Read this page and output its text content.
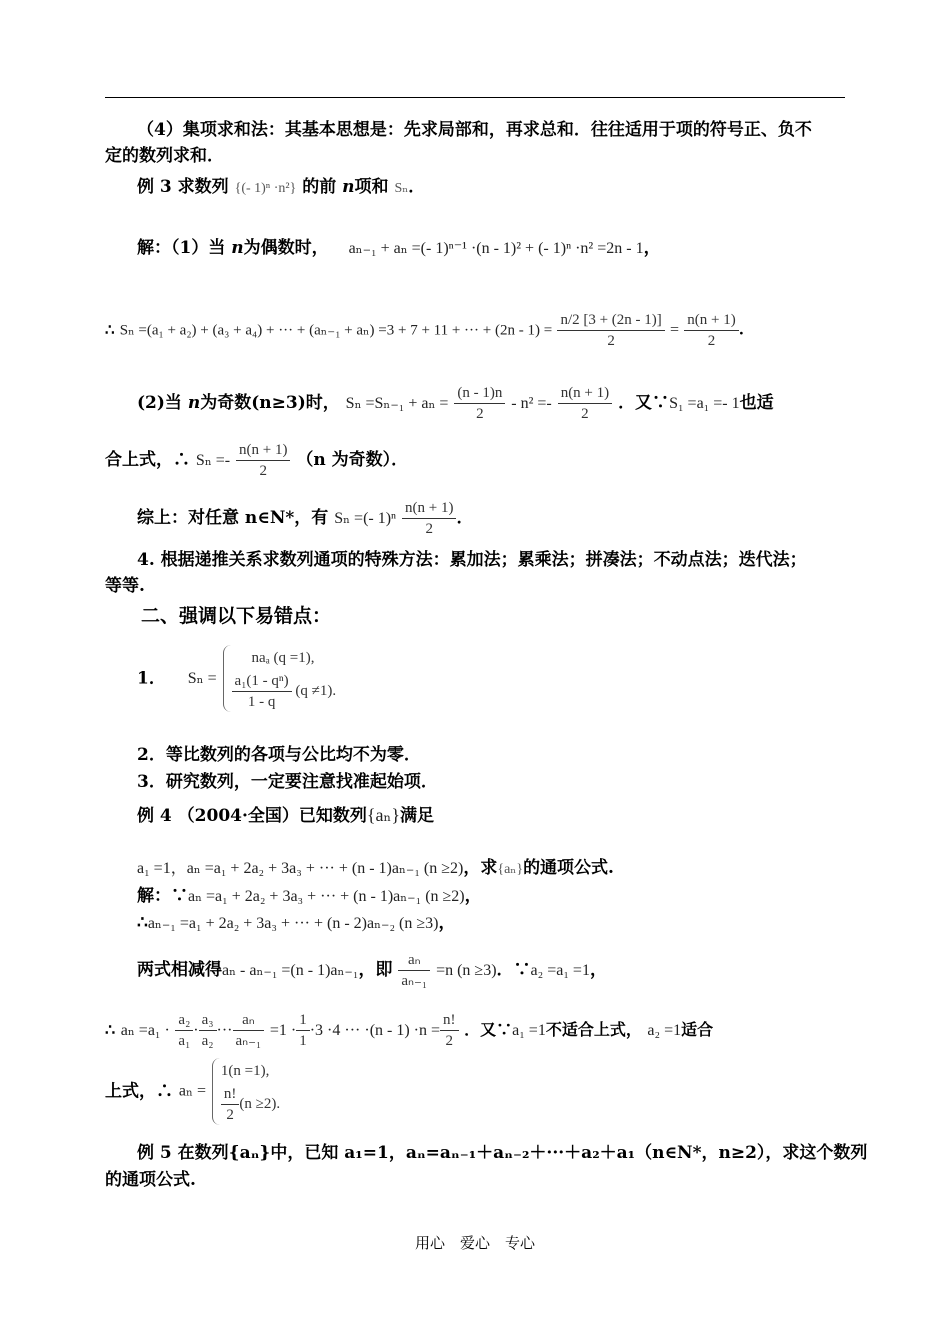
（4）集项求和法：其基本思想是：先求局部和，再求总和．往往适用于项的符号正、负不
定的数列求和．
例 3 求数列 {(- 1)ⁿ ·n²} 的前 n项和 Sₙ．
解：（1）当 n为偶数时， aₙ₋₁ + aₙ =(- 1)ⁿ⁻¹ ·(n - 1)² + (- 1)ⁿ ·n² =2n - 1，
∴ Sₙ =(a₁ + a₂) + (a₃ + a₄) + ··· + (aₙ₋₁ + aₙ) =3 + 7 + 11 + ··· + $(2n - 1) = \frac{n/2 [3 + (2n - 1)]}{2} = \frac{n(n + 1)}{2}$ .
(2)当 n为奇数(n≥3)时， $S_n =S_{n-1} + a_n = \frac{(n - 1)n}{2} - n^2 =- \frac{n(n + 1)}{2}$ ．又∵S₁ =a₁ =- 1也适
合上式，∴ $S_n =- \frac{n(n + 1)}{2} (n$ 为奇数）．
综上：对任意 n∈N*，有 Sₙ =(- $1)^n \frac{n(n + 1)}{2}$ ．
4. 根据递推关系求数列通项的特殊方法：累加法；累乘法；拼凑法；不动点法；迭代法；
等等.
二、强调以下易错点：
1． Sₙ =
naₐ (q =1),
$\frac{\text{a₁(1 - qⁿ)}}{1 - q} (q \ne 1)$.
2．等比数列的各项与公比均不为零．
3．研究数列，一定要注意找准起始项．
例 4 （2004·全国）已知数列{aₙ}满足
a₁ =1，aₙ =a₁ + 2a₂ + 3a₃ + ··· + (n - 1)aₙ₋₁ (n ≥2)，求{aₙ}的通项公式.
解：∵aₙ =a₁ + 2a₂ + 3a₃ + ··· + (n - 1)aₙ₋₁ (n ≥2)，
∴aₙ₋₁ =a₁ + 2a₂ + 3a₃ + ··· + (n - 2)aₙ₋₂ (n ≥3)，
两式相减得aₙ - aₙ₋₁ =(n - 1)aₙ₋₁，即 $\frac{\text{aₙ}}{\text{aₙ₋₁}} =n$ (n ≥3)．∵a₂ =a₁ =1，
∴ $a_n =a_1 \cdot \frac{\text{a₂}}{\text{a₁}} \cdot \frac{\text{a₃}}{\text{a₂}}$ ··· $\frac{\text{aₙ}}{\text{aₙ₋₁}} =1 \cdot \frac{1}{1} \cdot 3 \cdot 4$ ··· $\cdot(n - 1) \cdot n = \frac{n!}{2}$ ．又∵a₁ =1不适合上式， a₂ =1适合
上式，∴ aₙ =
1(n =1),
$\frac{n!}{2} (n \ge 2)$.
例 5 在数列{aₙ}中，已知 a₁=1，aₙ=aₙ₋₁＋aₙ₋₂＋···＋a₂＋a₁（n∈N*，n≥2），求这个数列
的通项公式.
用心　爱心　专心
